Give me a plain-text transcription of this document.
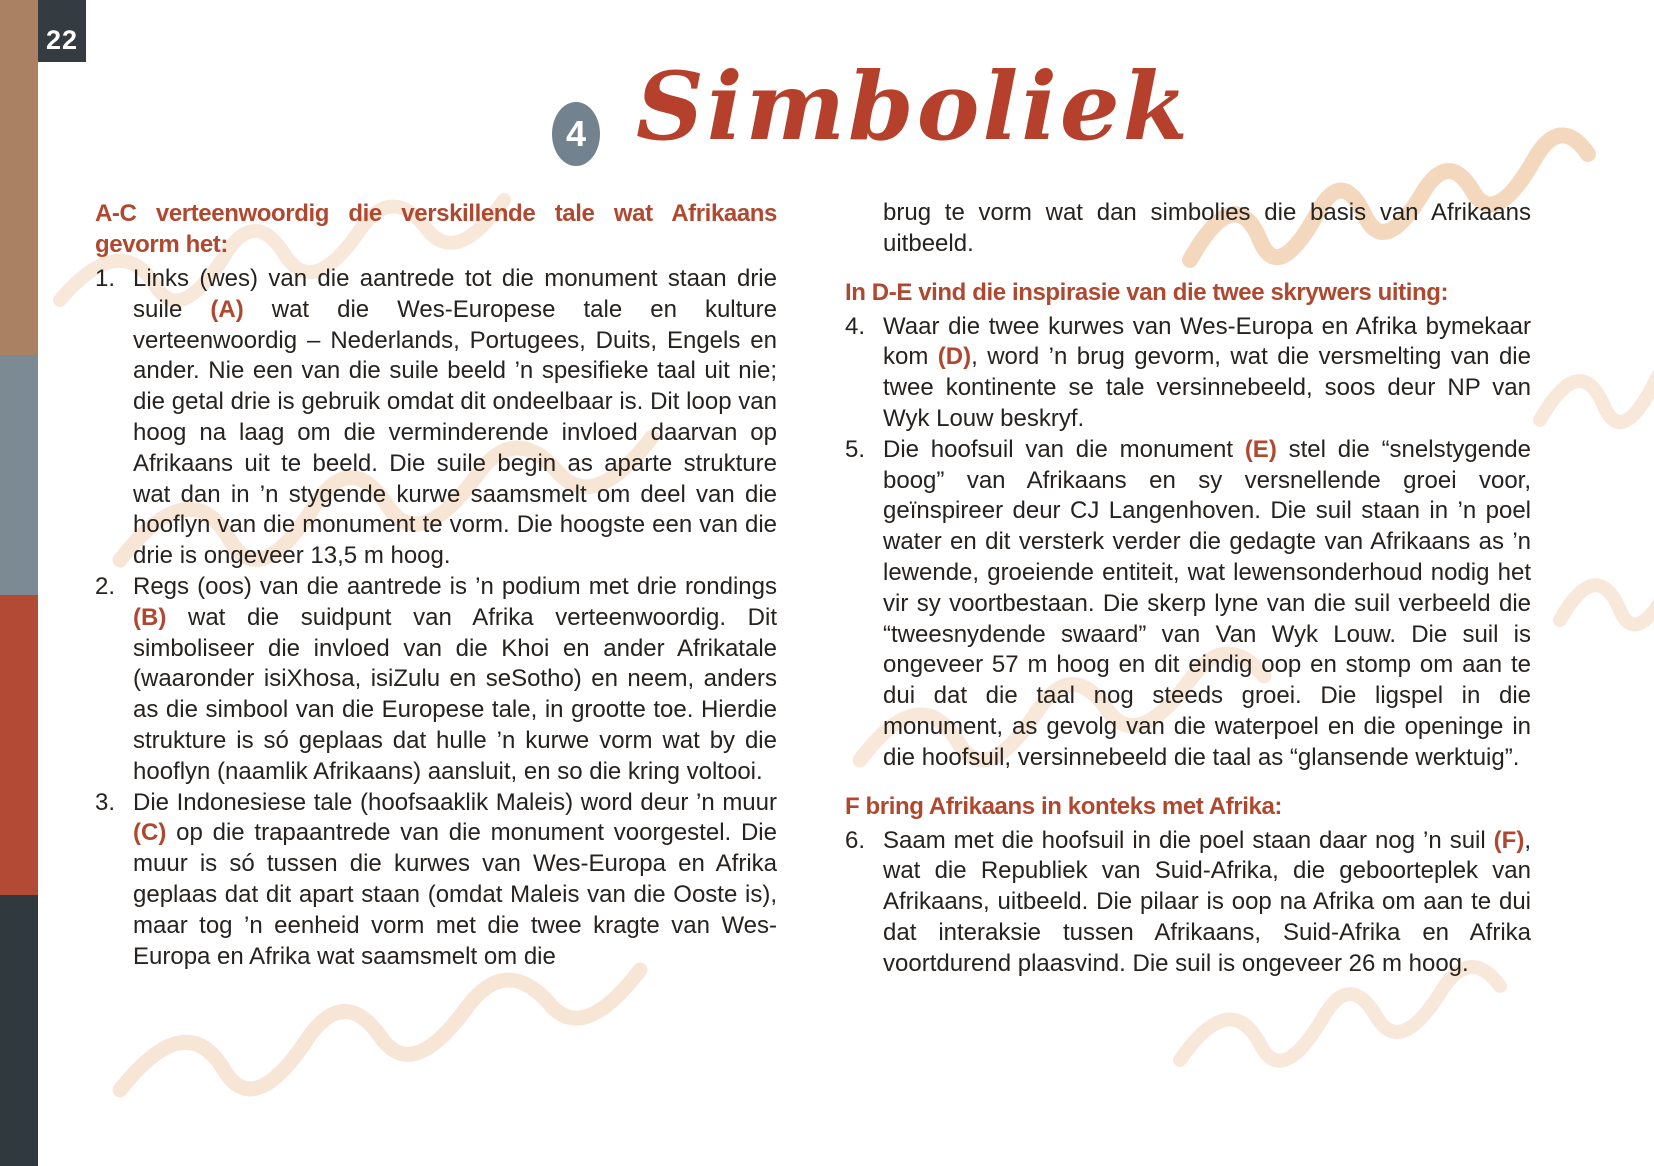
22
4 Simboliek
A-C verteenwoordig die verskillende tale wat Afrikaans gevorm het:
1. Links (wes) van die aantrede tot die monument staan drie suile (A) wat die Wes-Europese tale en kulture verteenwoordig – Nederlands, Portugees, Duits, Engels en ander. Nie een van die suile beeld ’n spesifieke taal uit nie; die getal drie is gebruik omdat dit ondeelbaar is. Dit loop van hoog na laag om die verminderende invloed daarvan op Afrikaans uit te beeld. Die suile begin as aparte strukture wat dan in ’n stygende kurwe saamsmelt om deel van die hooflyn van die monument te vorm. Die hoogste een van die drie is ongeveer 13,5 m hoog.
2. Regs (oos) van die aantrede is ’n podium met drie rondings (B) wat die suidpunt van Afrika verteenwoordig. Dit simboliseer die invloed van die Khoi en ander Afrikatale (waaronder isiXhosa, isiZulu en seSotho) en neem, anders as die simbool van die Europese tale, in grootte toe. Hierdie strukture is só geplaas dat hulle ’n kurwe vorm wat by die hooflyn (naamlik Afrikaans) aansluit, en so die kring voltooi.
3. Die Indonesiese tale (hoofsaaklik Maleis) word deur ’n muur (C) op die trapaantrede van die monument voorgestel. Die muur is só tussen die kurwes van Wes-Europa en Afrika geplaas dat dit apart staan (omdat Maleis van die Ooste is), maar tog ’n eenheid vorm met die twee kragte van Wes-Europa en Afrika wat saamsmelt om die
brug te vorm wat dan simbolies die basis van Afrikaans uitbeeld.
In D-E vind die inspirasie van die twee skrywers uiting:
4. Waar die twee kurwes van Wes-Europa en Afrika bymekaar kom (D), word ’n brug gevorm, wat die versmelting van die twee kontinente se tale versinnebeeld, soos deur NP van Wyk Louw beskryf.
5. Die hoofsuil van die monument (E) stel die “snelstygende boog” van Afrikaans en sy versnellende groei voor, geïnspireer deur CJ Langenhoven. Die suil staan in ’n poel water en dit versterk verder die gedagte van Afrikaans as ’n lewende, groeiende entiteit, wat lewensonderhoud nodig het vir sy voortbestaan. Die skerp lyne van die suil verbeeld die “tweesnydende swaard” van Van Wyk Louw. Die suil is ongeveer 57 m hoog en dit eindig oop en stomp om aan te dui dat die taal nog steeds groei. Die ligspel in die monument, as gevolg van die waterpoel en die openinge in die hoofsuil, versinnebeeld die taal as “glansende werktuig”.
F bring Afrikaans in konteks met Afrika:
6. Saam met die hoofsuil in die poel staan daar nog ’n suil (F), wat die Republiek van Suid-Afrika, die geboorteplek van Afrikaans, uitbeeld. Die pilaar is oop na Afrika om aan te dui dat interaksie tussen Afrikaans, Suid-Afrika en Afrika voortdurend plaasvind. Die suil is ongeveer 26 m hoog.
